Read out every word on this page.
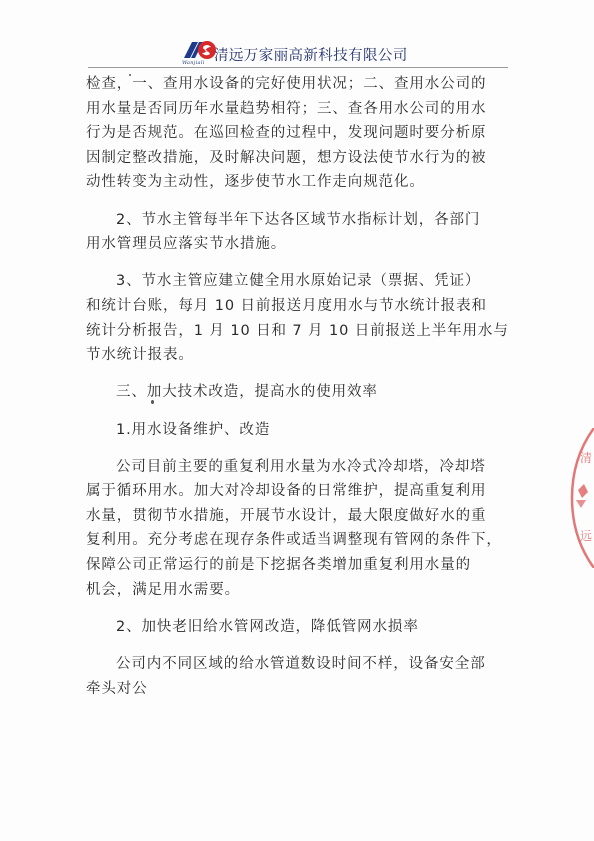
Wanjiali 清远万家丽高新科技有限公司
检查，一、查用水设备的完好使用状况；二、查用水公司的
用水量是否同历年水量趋势相符；三、查各用水公司的用水
行为是否规范。在巡回检查的过程中，发现问题时要分析原
因制定整改措施，及时解决问题，想方设法使节水行为的被
动性转变为主动性，逐步使节水工作走向规范化。
2、节水主管每半年下达各区域节水指标计划，各部门
用水管理员应落实节水措施。
3、节水主管应建立健全用水原始记录（票据、凭证）
和统计台账，每月 10 日前报送月度用水与节水统计报表和
统计分析报告，1 月 10 日和 7 月 10 日前报送上半年用水与
节水统计报表。
三、加大技术改造，提高水的使用效率
1.用水设备维护、改造
公司目前主要的重复利用水量为水冷式冷却塔，冷却塔
属于循环用水。加大对冷却设备的日常维护，提高重复利用
水量，贯彻节水措施，开展节水设计，最大限度做好水的重
复利用。充分考虑在现存条件或适当调整现有管网的条件下，
保障公司正常运行的前是下挖据各类增加重复利用水量的
机会，满足用水需要。
2、加快老旧给水管网改造，降低管网水损率
公司内不同区域的给水管道数设时间不样，设备安全部
牵头对公
清
远
